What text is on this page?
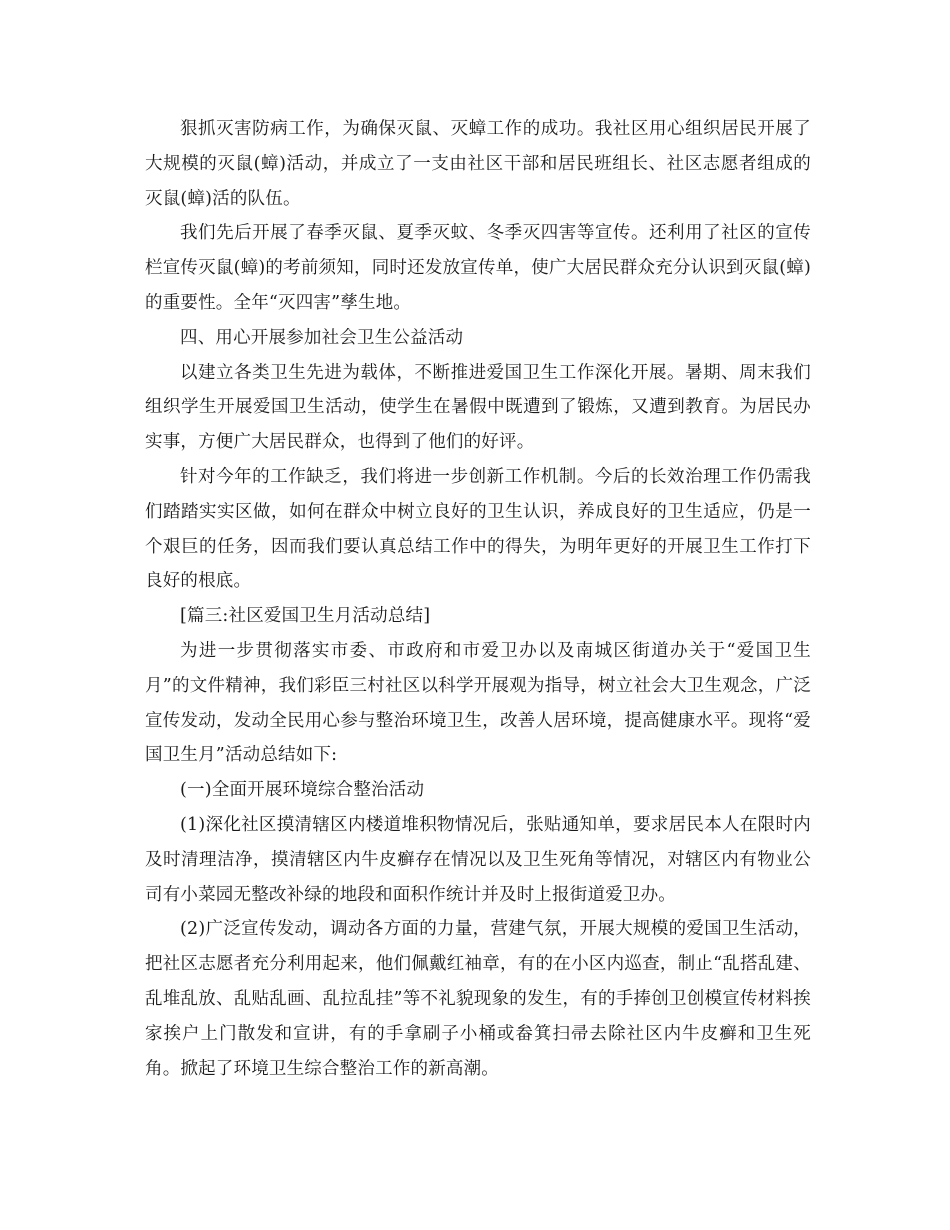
狠抓灭害防病工作，为确保灭鼠、灭蟑工作的成功。我社区用心组织居民开展了大规模的灭鼠(蟑)活动，并成立了一支由社区干部和居民班组长、社区志愿者组成的灭鼠(蟑)活的队伍。

我们先后开展了春季灭鼠、夏季灭蚊、冬季灭四害等宣传。还利用了社区的宣传栏宣传灭鼠(蟑)的考前须知，同时还发放宣传单，使广大居民群众充分认识到灭鼠(蟑)的重要性。全年“灭四害”孳生地。

四、用心开展参加社会卫生公益活动

以建立各类卫生先进为载体，不断推进爱国卫生工作深化开展。暑期、周末我们组织学生开展爱国卫生活动，使学生在暑假中既遭到了锻炼，又遭到教育。为居民办实事，方便广大居民群众，也得到了他们的好评。

针对今年的工作缺乏，我们将进一步创新工作机制。今后的长效治理工作仍需我们踏踏实实区做，如何在群众中树立良好的卫生认识，养成良好的卫生适应，仍是一个艰巨的任务，因而我们要认真总结工作中的得失，为明年更好的开展卫生工作打下良好的根底。

[篇三:社区爱国卫生月活动总结]

为进一步贯彻落实市委、市政府和市爱卫办以及南城区街道办关于“爱国卫生月”的文件精神，我们彩臣三村社区以科学开展观为指导，树立社会大卫生观念，广泛宣传发动，发动全民用心参与整治环境卫生，改善人居环境，提高健康水平。现将“爱国卫生月”活动总结如下:

(一)全面开展环境综合整治活动

(1)深化社区摸清辖区内楼道堆积物情况后，张贴通知单，要求居民本人在限时内及时清理洁净，摸清辖区内牛皮癣存在情况以及卫生死角等情况，对辖区内有物业公司有小菜园无整改补绿的地段和面积作统计并及时上报街道爱卫办。

(2)广泛宣传发动，调动各方面的力量，营建气氛，开展大规模的爱国卫生活动，把社区志愿者充分利用起来，他们佩戴红袖章，有的在小区内巡查，制止“乱搭乱建、乱堆乱放、乱贴乱画、乱拉乱挂”等不礼貌现象的发生，有的手捧创卫创模宣传材料挨家挨户上门散发和宣讲，有的手拿刷子小桶或畚箕扫帚去除社区内牛皮癣和卫生死角。掀起了环境卫生综合整治工作的新高潮。
